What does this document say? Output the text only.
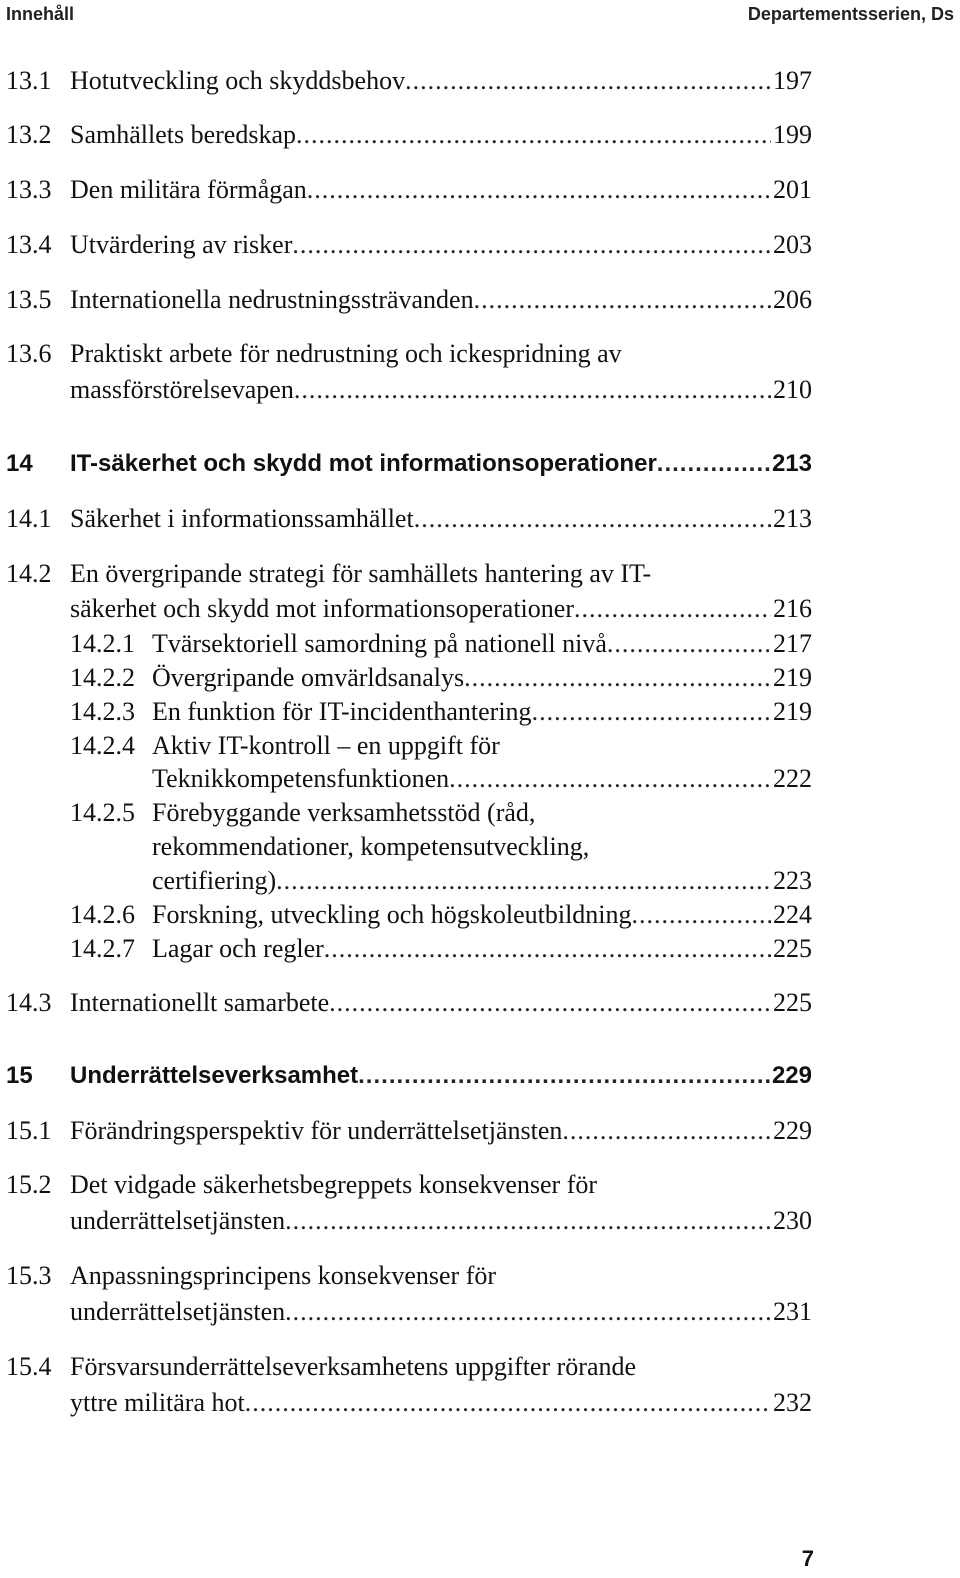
Innehåll	Departementsserien, Ds
13.1 Hotutveckling och skyddsbehov .....	197
13.2 Samhällets beredskap .....	199
13.3 Den militära förmågan .....	201
13.4 Utvärdering av risker .....	203
13.5 Internationella nedrustningssträvanden .....	206
13.6 Praktiskt arbete för nedrustning och ickespridning av
massförstörelsevapen .....	210
14 IT-säkerhet och skydd mot informationsoperationer .....	213
14.1 Säkerhet i informationssamhället .....	213
14.2 En övergripande strategi för samhällets hantering av IT-
säkerhet och skydd mot informationsoperationer .....	216
14.2.1 Tvärsektoriell samordning på nationell nivå .....	217
14.2.2 Övergripande omvärldsanalys .....	219
14.2.3 En funktion för IT-incidenthantering .....	219
14.2.4 Aktiv IT-kontroll – en uppgift för
Teknikkompetensfunktionen .....	222
14.2.5 Förebyggande verksamhetsstöd (råd,
rekommendationer, kompetensutveckling,
certifiering) .....	223
14.2.6 Forskning, utveckling och högskoleutbildning .....	224
14.2.7 Lagar och regler .....	225
14.3 Internationellt samarbete .....	225
15 Underrättelseverksamhet .....	229
15.1 Förändringsperspektiv för underrättelsetjänsten .....	229
15.2 Det vidgade säkerhetsbegreppets konsekvenser för
underrättelsetjänsten .....	230
15.3 Anpassningsprincipens konsekvenser för
underrättelsetjänsten .....	231
15.4 Försvarsunderrättelseverksamhetens uppgifter rörande
yttre militära hot .....	232
7
